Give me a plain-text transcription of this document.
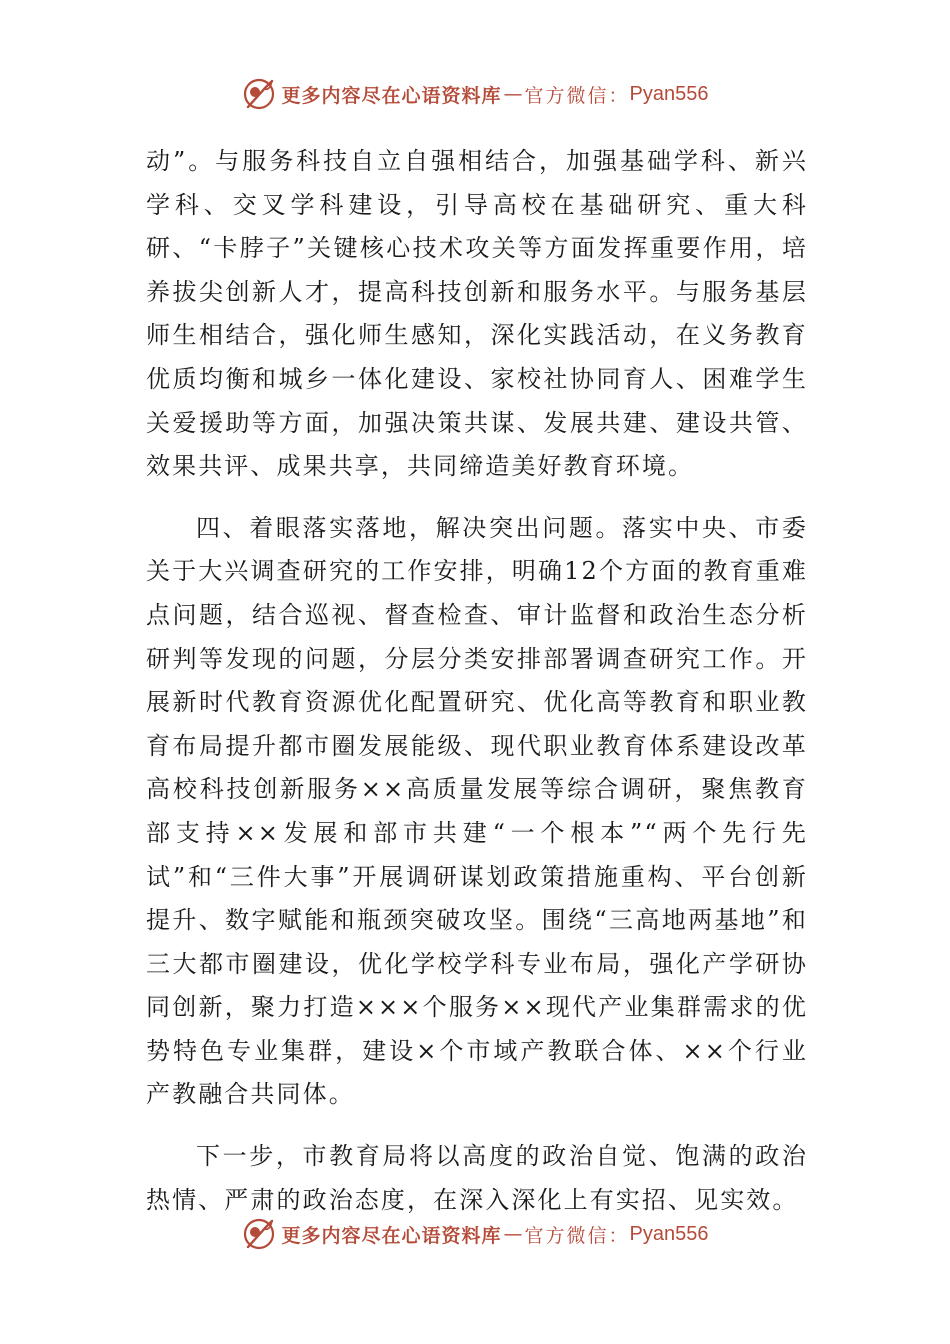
更多内容尽在心语资料库 — 官方微信： Pyan556

动”。与服务科技自立自强相结合，加强基础学科、新兴学科、交叉学科建设，引导高校在基础研究、重大科研、“卡脖子”关键核心技术攻关等方面发挥重要作用，培养拔尖创新人才，提高科技创新和服务水平。与服务基层师生相结合，强化师生感知，深化实践活动，在义务教育优质均衡和城乡一体化建设、家校社协同育人、困难学生关爱援助等方面，加强决策共谋、发展共建、建设共管、效果共评、成果共享，共同缔造美好教育环境。

四、着眼落实落地，解决突出问题。落实中央、市委关于大兴调查研究的工作安排，明确12个方面的教育重难点问题，结合巡视、督查检查、审计监督和政治生态分析研判等发现的问题，分层分类安排部署调查研究工作。开展新时代教育资源优化配置研究、优化高等教育和职业教育布局提升都市圈发展能级、现代职业教育体系建设改革高校科技创新服务××高质量发展等综合调研，聚焦教育部支持××发展和部市共建“一个根本”“两个先行先试”和“三件大事”开展调研谋划政策措施重构、平台创新提升、数字赋能和瓶颈突破攻坚。围绕“三高地两基地”和三大都市圈建设，优化学校学科专业布局，强化产学研协同创新，聚力打造×××个服务××现代产业集群需求的优势特色专业集群，建设×个市域产教联合体、××个行业产教融合共同体。

下一步，市教育局将以高度的政治自觉、饱满的政治热情、严肃的政治态度，在深入深化上有实招、见实效。

更多内容尽在心语资料库 — 官方微信： Pyan556
